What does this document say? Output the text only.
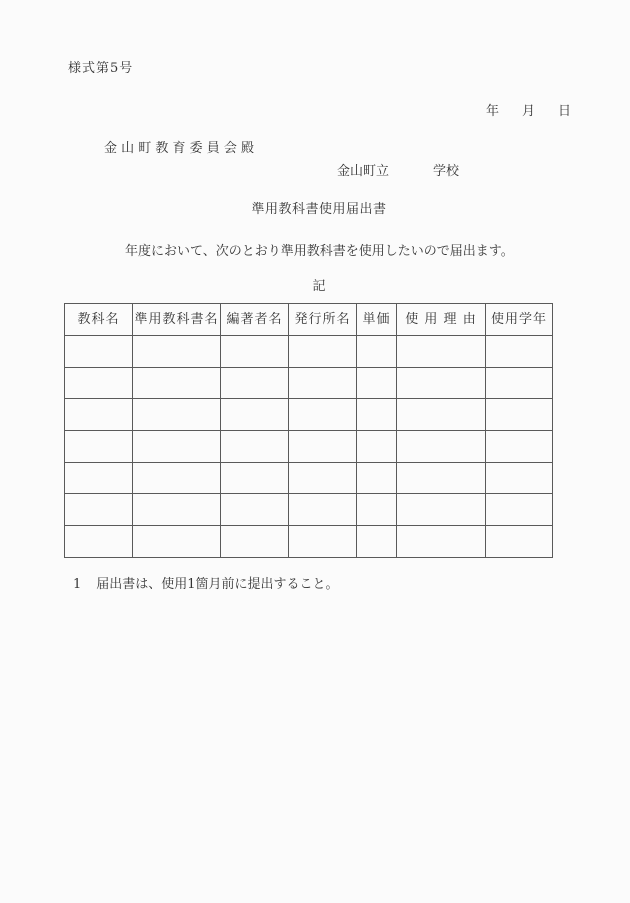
様式第5号
年 月 日
金 山 町 教 育 委 員 会 殿
金山町立	学校
準用教科書使用届出書
年度において、次のとおり準用教科書を使用したいので届出ます。
記
教科名	準用教科書名	編著者名	発行所名	単価	使 用 理 由	使用学年

1 届出書は、使用1箇月前に提出すること。
